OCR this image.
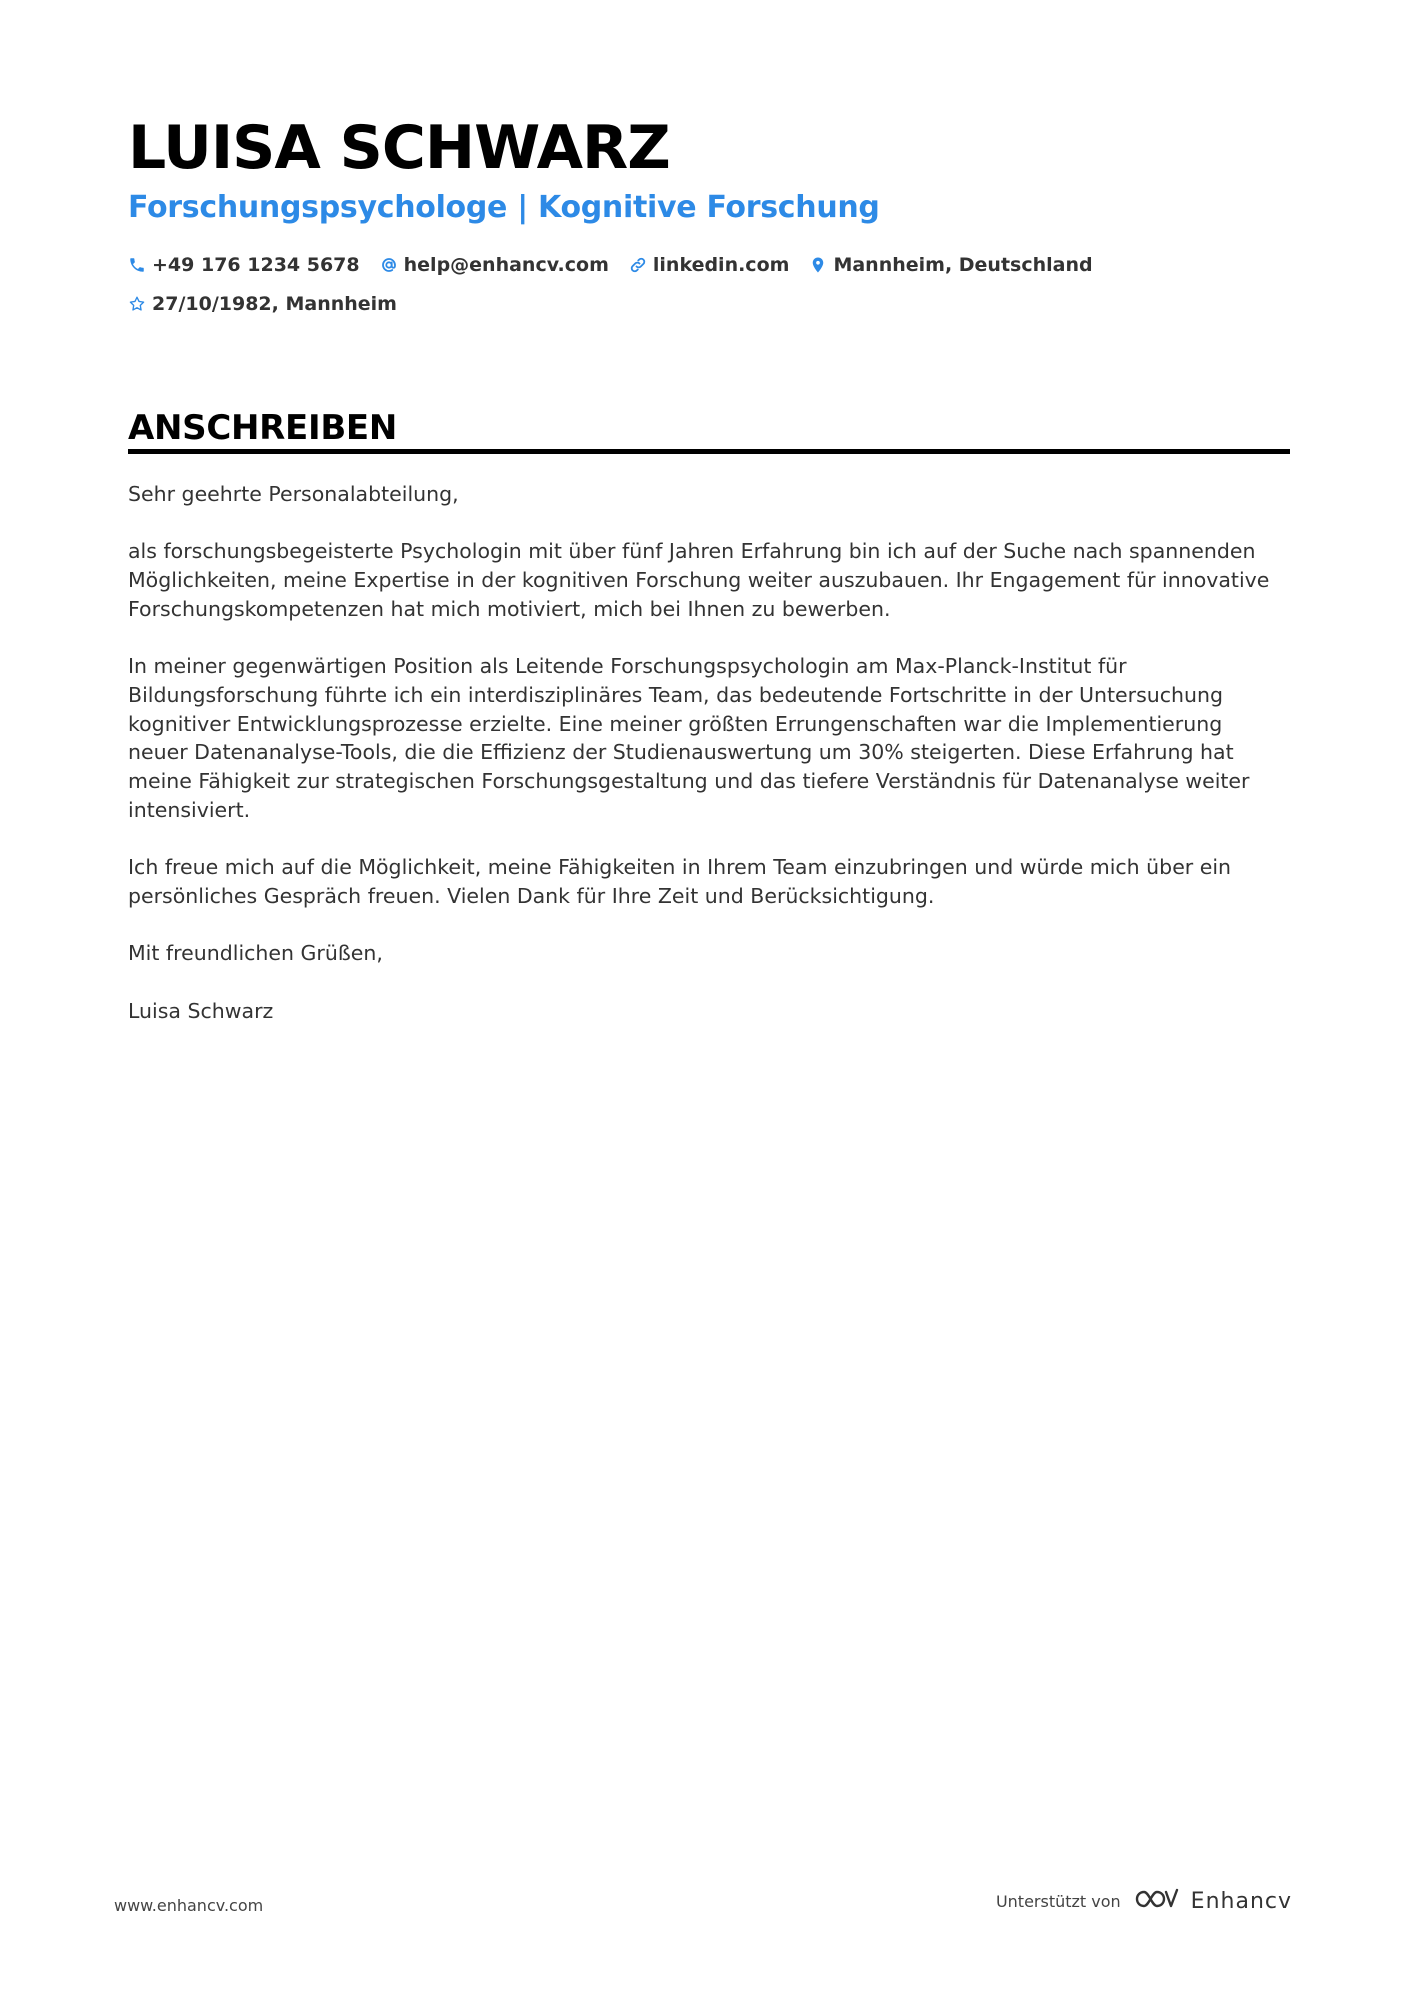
LUISA SCHWARZ
Forschungspsychologe | Kognitive Forschung
+49 176 1234 5678 help@enhancv.com linkedin.com Mannheim, Deutschland
27/10/1982, Mannheim
ANSCHREIBEN

Sehr geehrte Personalabteilung,

als forschungsbegeisterte Psychologin mit über fünf Jahren Erfahrung bin ich auf der Suche nach spannenden Möglichkeiten, meine Expertise in der kognitiven Forschung weiter auszubauen. Ihr Engagement für innovative Forschungskompetenzen hat mich motiviert, mich bei Ihnen zu bewerben.

In meiner gegenwärtigen Position als Leitende Forschungspsychologin am Max-Planck-Institut für Bildungsforschung führte ich ein interdisziplinäres Team, das bedeutende Fortschritte in der Untersuchung kognitiver Entwicklungsprozesse erzielte. Eine meiner größten Errungenschaften war die Implementierung neuer Datenanalyse-Tools, die die Effizienz der Studienauswertung um 30% steigerten. Diese Erfahrung hat meine Fähigkeit zur strategischen Forschungsgestaltung und das tiefere Verständnis für Datenanalyse weiter intensiviert.

Ich freue mich auf die Möglichkeit, meine Fähigkeiten in Ihrem Team einzubringen und würde mich über ein persönliches Gespräch freuen. Vielen Dank für Ihre Zeit und Berücksichtigung.

Mit freundlichen Grüßen,

Luisa Schwarz

www.enhancv.com	Unterstützt von	Enhancv
